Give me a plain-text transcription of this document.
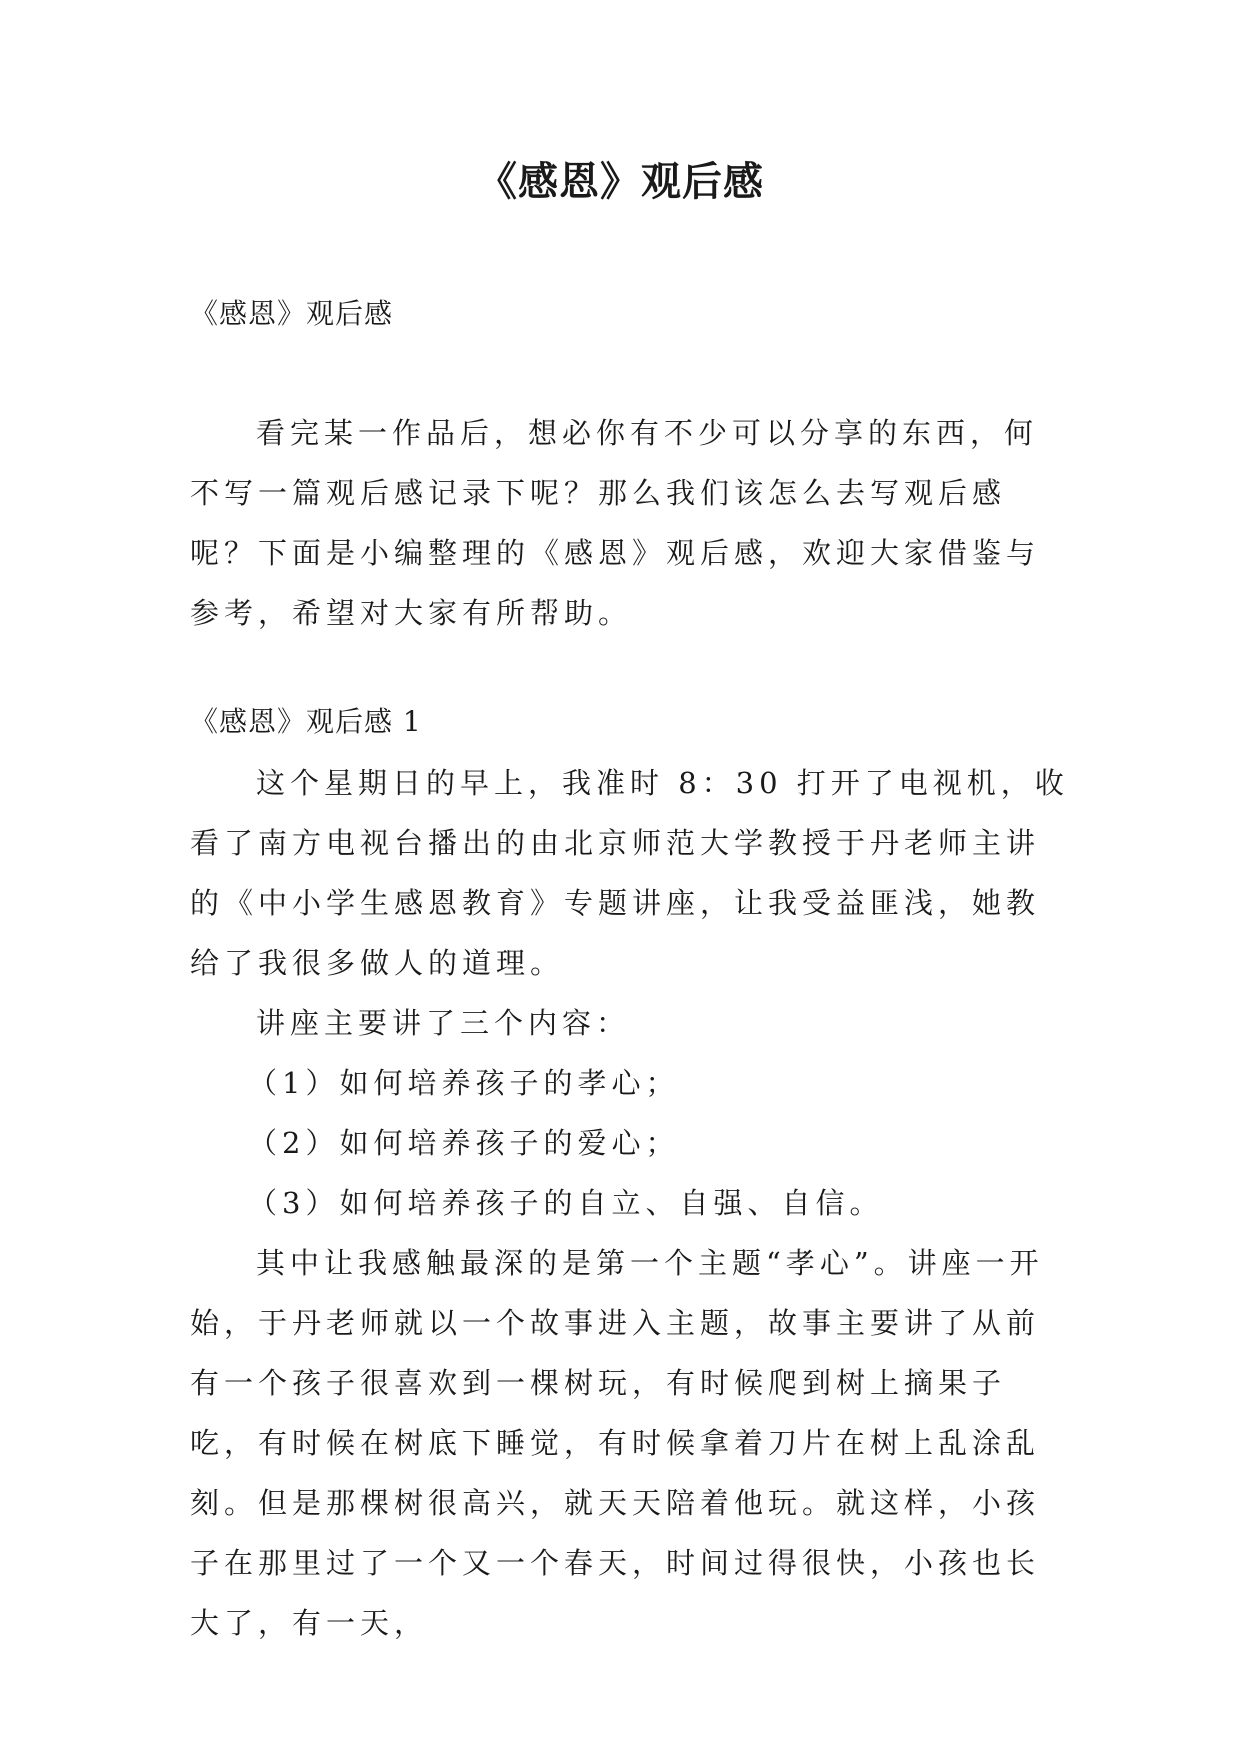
《感恩》观后感
《感恩》观后感

看完某一作品后，想必你有不少可以分享的东西，何不写一篇观后感记录下呢？那么我们该怎么去写观后感呢？下面是小编整理的《感恩》观后感，欢迎大家借鉴与参考，希望对大家有所帮助。

《感恩》观后感 1

这个星期日的早上，我准时 8：30 打开了电视机，收看了南方电视台播出的由北京师范大学教授于丹老师主讲的《中小学生感恩教育》专题讲座，让我受益匪浅，她教给了我很多做人的道理。

讲座主要讲了三个内容：

（1）如何培养孩子的孝心；

（2）如何培养孩子的爱心；

（3）如何培养孩子的自立、自强、自信。

其中让我感触最深的是第一个主题“孝心”。讲座一开始，于丹老师就以一个故事进入主题，故事主要讲了从前有一个孩子很喜欢到一棵树玩，有时候爬到树上摘果子吃，有时候在树底下睡觉，有时候拿着刀片在树上乱涂乱刻。但是那棵树很高兴，就天天陪着他玩。就这样，小孩子在那里过了一个又一个春天，时间过得很快，小孩也长大了，有一天，
